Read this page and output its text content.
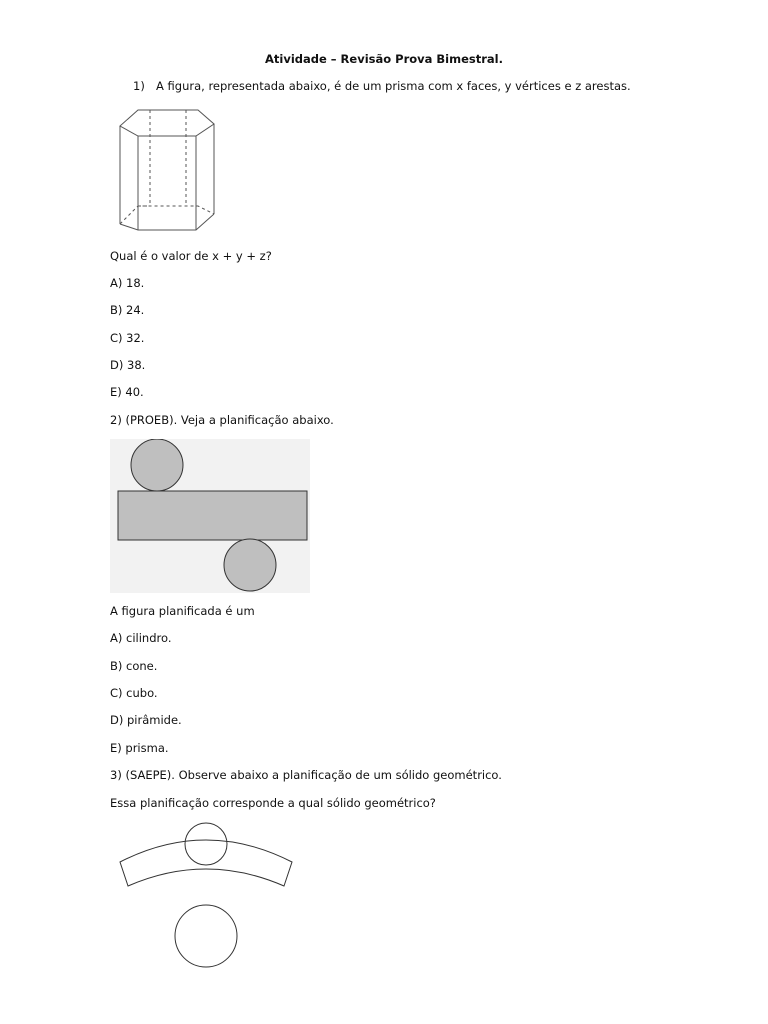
Atividade – Revisão Prova Bimestral.
1) A figura, representada abaixo, é de um prisma com x faces, y vértices e z arestas.
Qual é o valor de x + y + z?
A) 18.
B) 24.
C) 32.
D) 38.
E) 40.
2) (PROEB). Veja a planificação abaixo.
A figura planificada é um
A) cilindro.
B) cone.
C) cubo.
D) pirâmide.
E) prisma.
3) (SAEPE). Observe abaixo a planificação de um sólido geométrico.
Essa planificação corresponde a qual sólido geométrico?
